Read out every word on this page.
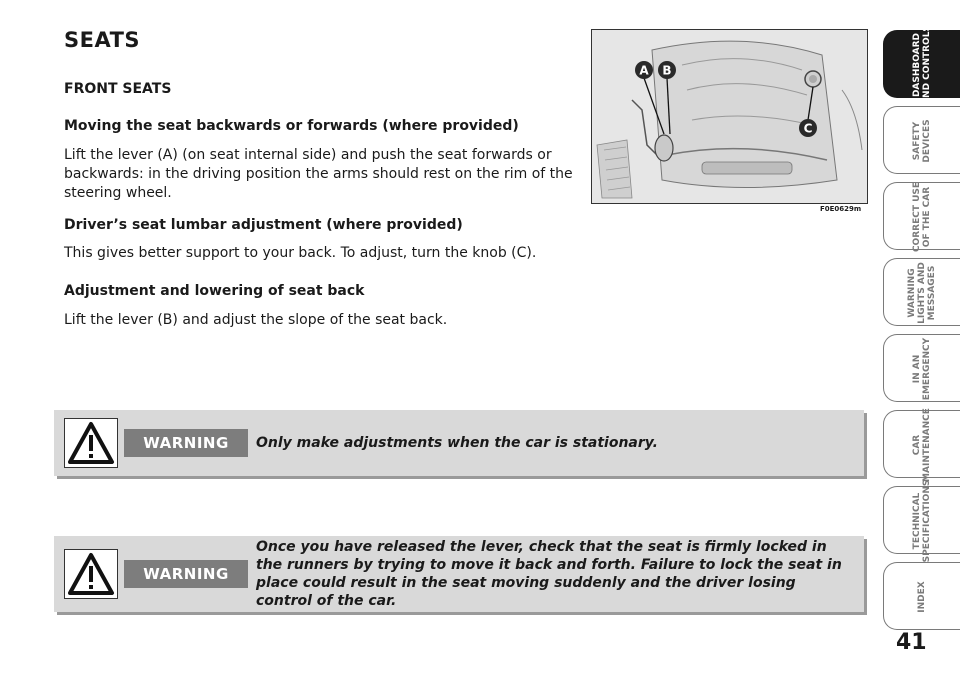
SEATS
FRONT SEATS
Moving the seat backwards or forwards (where provided)

Lift the lever (A) (on seat internal side) and push the seat forwards or backwards: in the driving position the arms should rest on the rim of the steering wheel.

Driver’s seat lumbar adjustment (where provided)

This gives better support to your back. To adjust, turn the knob (C).

Adjustment and lowering of seat back

Lift the lever (B) and adjust the slope of the seat back.

A B
C
F0E0629m
WARNING	Only make adjustments when the car is stationary.

WARNING

Once you have released the lever, check that the seat is firmly locked in the runners by trying to move it back and forth. Failure to lock the seat in place could result in the seat moving suddenly and the driver losing control of the car.

DASHBOARD
AND CONTROLS
SAFETY
DEVICES
CORRECT USE
OF THE CAR
WARNING
LIGHTS AND
MESSAGES
IN AN
EMERGENCY
CAR
MAINTENANCE
TECHNICAL
SPECIFICATIONS
INDEX
41
